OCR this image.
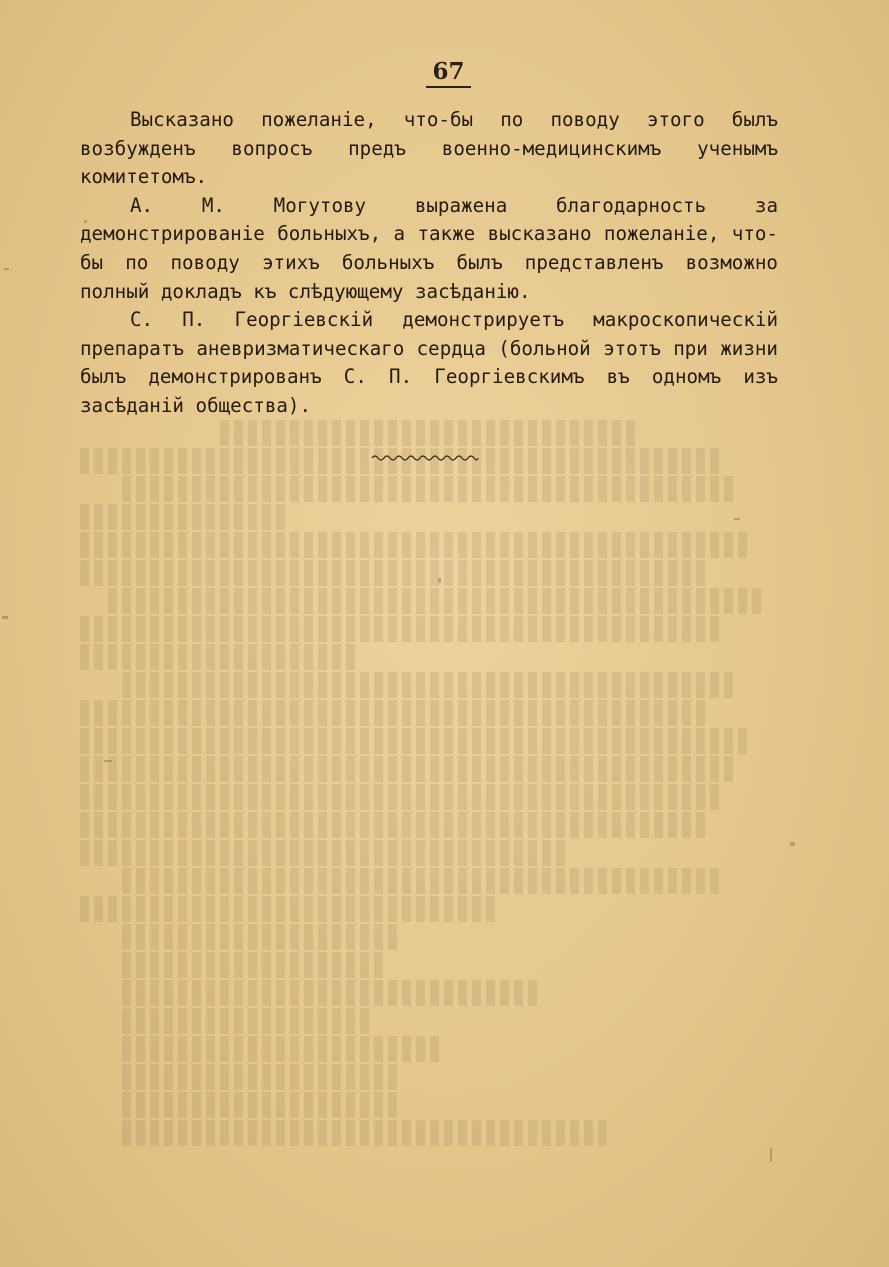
67

Высказано пожеланіе, что-бы по поводу этого былъ возбужденъ вопросъ предъ военно-медицинскимъ ученымъ комитетомъ.

А. М. Могутову выражена благодарность за демонстрированіе больныхъ, а также высказано пожеланіе, что-бы по поводу этихъ больныхъ былъ представленъ возможно полный докладъ къ слѣдующему засѣданію.

С. П. Георгіевскій демонстрируетъ макроскопическій препаратъ аневризматическаго сердца (больной этотъ при жизни былъ демонстрированъ С. П. Георгіевскимъ въ одномъ изъ засѣданій общества).
